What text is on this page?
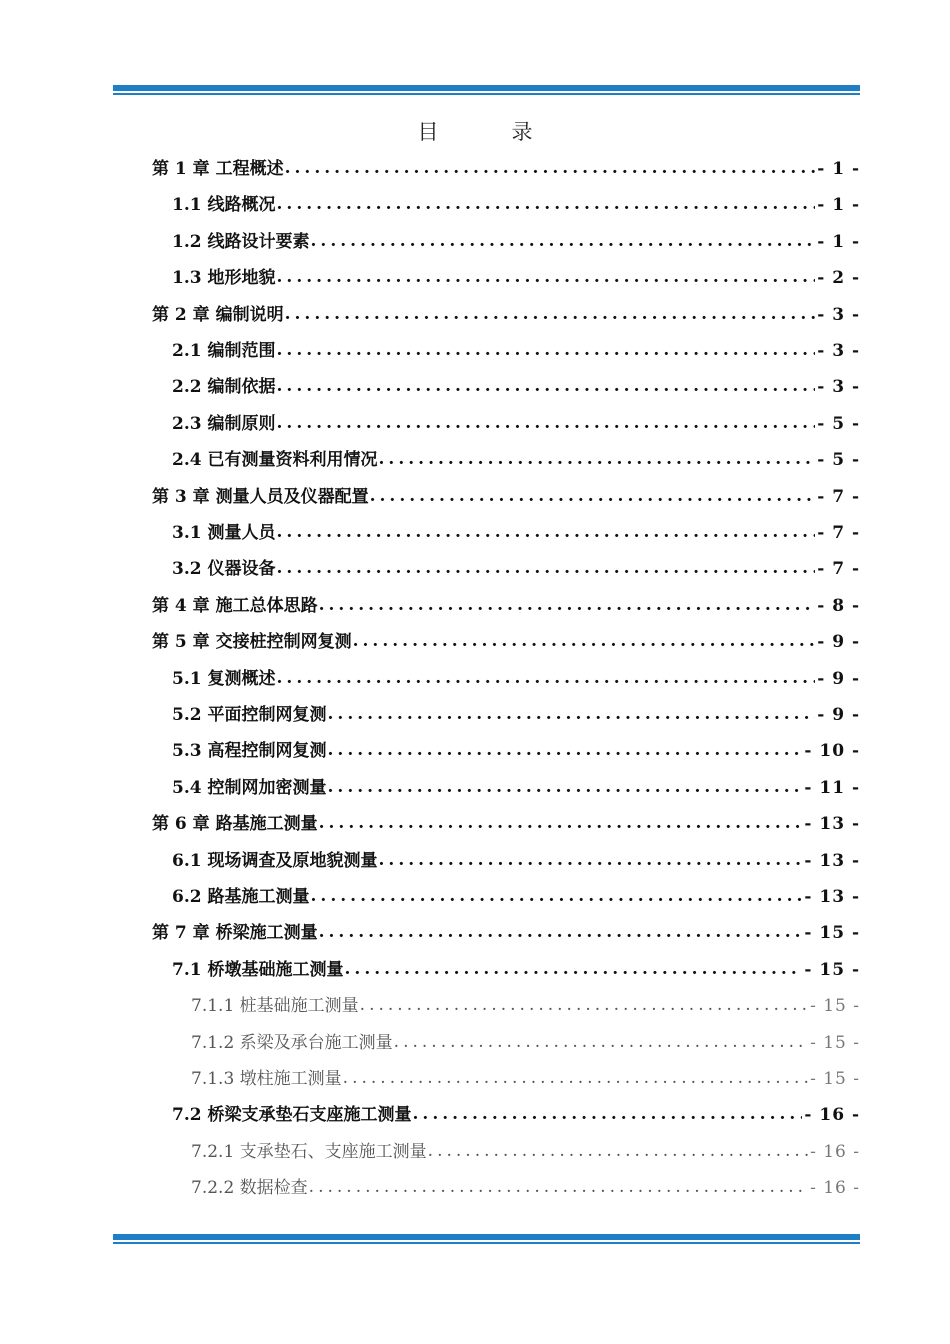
目　录
第 1 章 工程概述 .....	- 1 -
1.1 线路概况 .....	- 1 -
1.2 线路设计要素 .....	- 1 -
1.3 地形地貌 .....	- 2 -
第 2 章 编制说明 .....	- 3 -
2.1 编制范围 .....	- 3 -
2.2 编制依据 .....	- 3 -
2.3 编制原则 .....	- 5 -
2.4 已有测量资料利用情况 .....	- 5 -
第 3 章 测量人员及仪器配置 .....	- 7 -
3.1 测量人员 .....	- 7 -
3.2 仪器设备 .....	- 7 -
第 4 章 施工总体思路 .....	- 8 -
第 5 章 交接桩控制网复测 .....	- 9 -
5.1 复测概述 .....	- 9 -
5.2 平面控制网复测 .....	- 9 -
5.3 高程控制网复测 .....	- 10 -
5.4 控制网加密测量 .....	- 11 -
第 6 章 路基施工测量 .....	- 13 -
6.1 现场调查及原地貌测量 .....	- 13 -
6.2 路基施工测量 .....	- 13 -
第 7 章 桥梁施工测量 .....	- 15 -
7.1 桥墩基础施工测量 .....	- 15 -
7.1.1 桩基础施工测量 .....	- 15 -
7.1.2 系梁及承台施工测量 .....	- 15 -
7.1.3 墩柱施工测量 .....	- 15 -
7.2 桥梁支承垫石支座施工测量 .....	- 16 -
7.2.1 支承垫石、支座施工测量 .....	- 16 -
7.2.2 数据检查 .....	- 16 -
